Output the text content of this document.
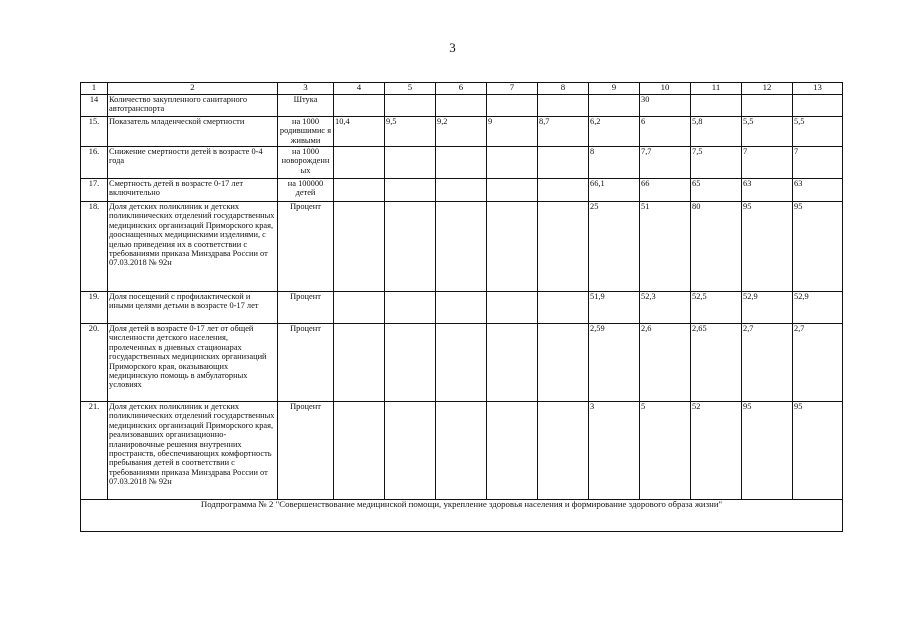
3
1	2	3	4	5	6	7	8	9	10	11	12	13
14	Количество закупленного санитарного автотранспорта	Штука							30			
15.	Показатель младенческой смертности	на 1000 родившимис я живыми	10,4	9,5	9,2	9	8,7	6,2	6	5,8	5,5	5,5
16.	Снижение смертности детей в возрасте 0-4 года	на 1000 новорожденн ых						8	7,7	7,5	7	7
17.	Смертность детей в возрасте 0-17 лет включительно	на 100000 детей						66,1	66	65	63	63
18.	Доля детских поликлиник и детских поликлинических отделений государственных медицинских организаций Приморского края, дооснащенных медицинскими изделиями, с целью приведения их в соответствии с требованиями приказа Минздрава России от 07.03.2018 № 92н	Процент						25	51	80	95	95
19.	Доля посещений с профилактической и иными целями детьми в возрасте 0-17 лет	Процент						51,9	52,3	52,5	52,9	52,9
20.	Доля детей в возрасте 0-17 лет от общей численности детского населения, пролеченных в дневных стационарах государственных медицинских организаций Приморского края, оказывающих медицинскую помощь в амбулаторных условиях	Процент						2,59	2,6	2,65	2,7	2,7
21.	Доля детских поликлиник и детских поликлинических отделений государственных медицинских организаций Приморского края, реализовавших организационно-планировочные решения внутренних пространств, обеспечивающих комфортность пребывания детей в соответствии с требованиями приказа Минздрава России от 07.03.2018 № 92н	Процент						3	5	52	95	95
Подпрограмма № 2 "Совершенствование медицинской помощи, укрепление здоровья населения и формирование здорового образа жизни"												
